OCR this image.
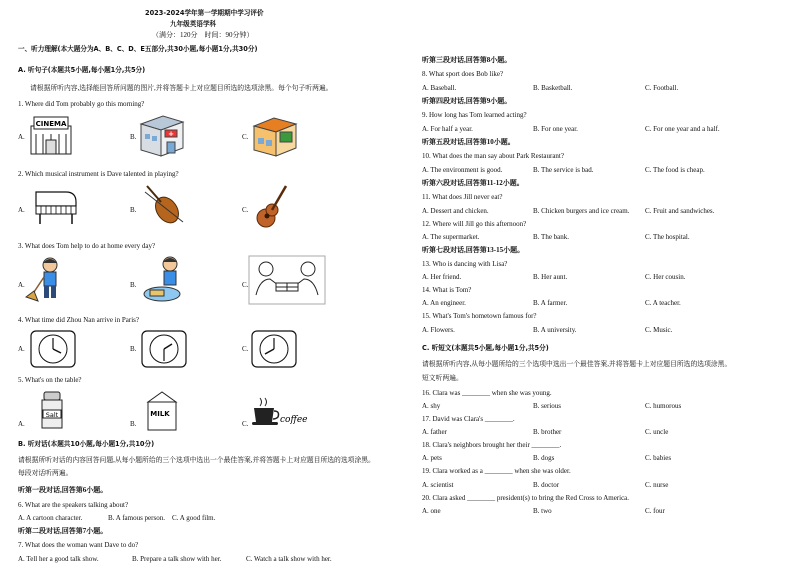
2023-2024学年第一学期期中学习评价
九年级英语学科
（满分：120分　时间：90分钟）
一、听力理解(本大题分为A、B、C、D、E五部分,共30小题,每小题1分,共30分)
A. 听句子(本题共5小题,每小题1分,共5分)
请根据所听内容,选择能回答所问题的图片,并将答题卡上对应题目所选的选项涂黑。每个句子听两遍。
1. Where did Tom probably go this morning?
A.
CINEMA
B.	+	C.
2. Which musical instrument is Dave talented in playing?
A.	B.	C.
3. What does Tom help to do at home every day?
A.	B.	C.
4. What time did Zhou Nan arrive in Paris?
A.	B.	C.
5. What's on the table?
A.
Salt
B.
MILK
C.	coffee
B. 听对话(本题共10小题,每小题1分,共10分)
请根据所听对话的内容回答问题,从每小题所给的三个选项中选出一个最佳答案,并将答题卡上对应题目所选的选项涂黑。
每段对话听两遍。
听第一段对话,回答第6小题。
6. What are the speakers talking about?
A. A cartoon character.	B. A famous person. C. A good film.
听第二段对话,回答第7小题。
7. What does the woman want Dave to do?
A. Tell her a good talk show.	B. Prepare a talk show with her.	C. Watch a talk show with her.
听第三段对话,回答第8小题。
8. What sport does Bob like?
A. Baseball.	B. Basketball.	C. Football.
听第四段对话,回答第9小题。
9. How long has Tom learned acting?
A. For half a year.	B. For one year.	C. For one year and a half.
听第五段对话,回答第10小题。
10. What does the man say about Park Restaurant?
A. The environment is good.	B. The service is bad.	C. The food is cheap.
听第六段对话,回答第11-12小题。
11. What does Jill never eat?
A. Dessert and chicken.	B. Chicken burgers and ice cream. C. Fruit and sandwiches.
12. Where will Jill go this afternoon?
A. The supermarket.	B. The bank.	C. The hospital.
听第七段对话,回答第13-15小题。
13. Who is dancing with Lisa?
A. Her friend.	B. Her aunt.	C. Her cousin.
14. What is Tom?
A. An engineer.	B. A farmer.	C. A teacher.
15. What's Tom's hometown famous for?
A. Flowers.	B. A university.	C. Music.
C. 听短文(本题共5小题,每小题1分,共5分)
请根据所听内容,从每小题所给的三个选项中选出一个最佳答案,并将答题卡上对应题目所选的选项涂黑。
短文听两遍。
16. Clara was ________ when she was young.
A. shy	B. serious	C. humorous
17. David was Clara's ________.
A. father	B. brother	C. uncle
18. Clara's neighbors brought her their ________.
A. pets	B. dogs	C. babies
19. Clara worked as a ________ when she was older.
A. scientist	B. doctor	C. nurse
20. Clara asked ________ president(s) to bring the Red Cross to America.
A. one	B. two	C. four
